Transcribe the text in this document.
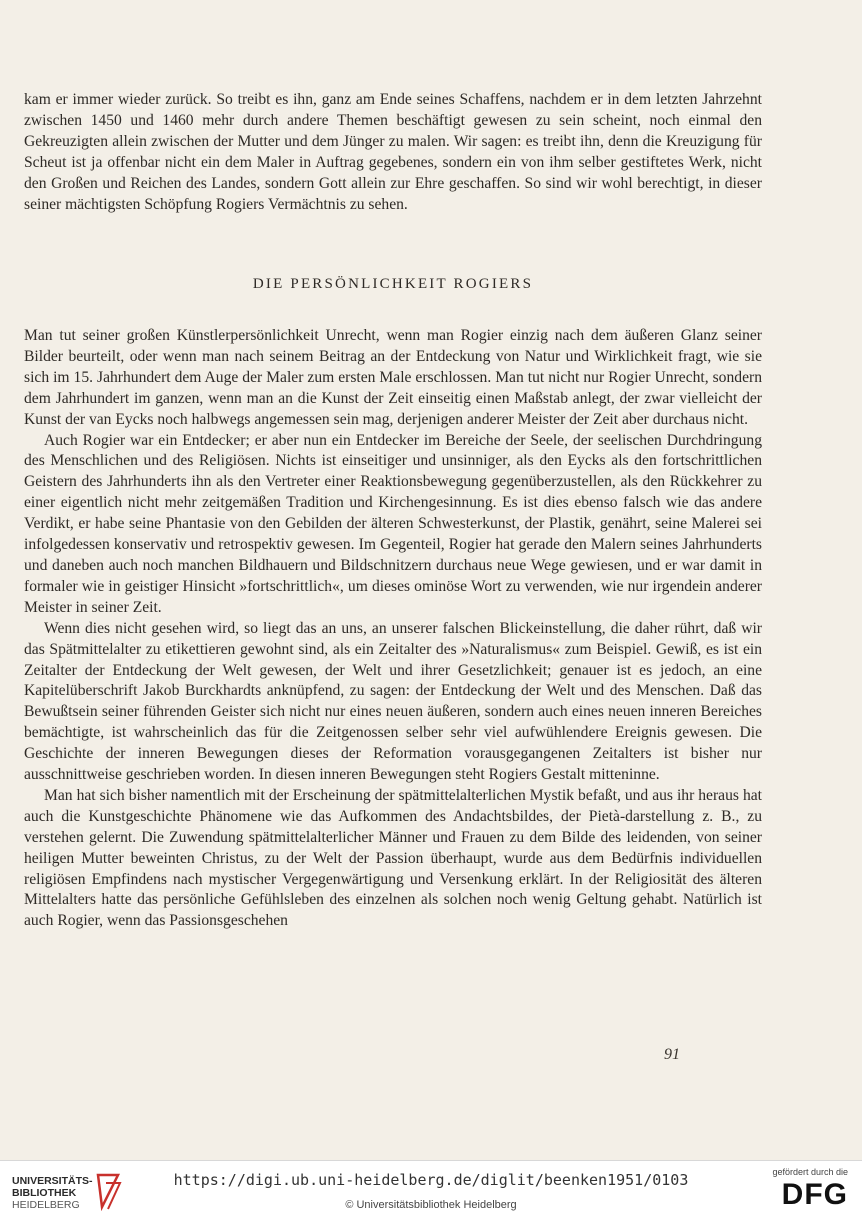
kam er immer wieder zurück. So treibt es ihn, ganz am Ende seines Schaffens, nachdem er in dem letzten Jahrzehnt zwischen 1450 und 1460 mehr durch andere Themen beschäftigt gewesen zu sein scheint, noch einmal den Gekreuzigten allein zwischen der Mutter und dem Jünger zu malen. Wir sagen: es treibt ihn, denn die Kreuzigung für Scheut ist ja offenbar nicht ein dem Maler in Auftrag gegebenes, sondern ein von ihm selber gestiftetes Werk, nicht den Großen und Reichen des Landes, sondern Gott allein zur Ehre geschaffen. So sind wir wohl berechtigt, in dieser seiner mächtigsten Schöpfung Rogiers Vermächtnis zu sehen.

DIE PERSÖNLICHKEIT ROGIERS

Man tut seiner großen Künstlerpersönlichkeit Unrecht, wenn man Rogier einzig nach dem äußeren Glanz seiner Bilder beurteilt, oder wenn man nach seinem Beitrag an der Entdeckung von Natur und Wirklichkeit fragt, wie sie sich im 15. Jahrhundert dem Auge der Maler zum ersten Male erschlossen. Man tut nicht nur Rogier Unrecht, sondern dem Jahrhundert im ganzen, wenn man an die Kunst der Zeit einseitig einen Maßstab anlegt, der zwar vielleicht der Kunst der van Eycks noch halbwegs angemessen sein mag, derjenigen anderer Meister der Zeit aber durchaus nicht.

Auch Rogier war ein Entdecker; er aber nun ein Entdecker im Bereiche der Seele, der seelischen Durchdringung des Menschlichen und des Religiösen. Nichts ist einseitiger und unsinniger, als den Eycks als den fortschrittlichen Geistern des Jahrhunderts ihn als den Vertreter einer Reaktionsbewegung gegenüberzustellen, als den Rückkehrer zu einer eigentlich nicht mehr zeitgemäßen Tradition und Kirchengesinnung. Es ist dies ebenso falsch wie das andere Verdikt, er habe seine Phantasie von den Gebilden der älteren Schwesterkunst, der Plastik, genährt, seine Malerei sei infolgedessen konservativ und retrospektiv gewesen. Im Gegenteil, Rogier hat gerade den Malern seines Jahrhunderts und daneben auch noch manchen Bildhauern und Bildschnitzern durchaus neue Wege gewiesen, und er war damit in formaler wie in geistiger Hinsicht »fortschrittlich«, um dieses ominöse Wort zu verwenden, wie nur irgendein anderer Meister in seiner Zeit.

Wenn dies nicht gesehen wird, so liegt das an uns, an unserer falschen Blickeinstellung, die daher rührt, daß wir das Spätmittelalter zu etikettieren gewohnt sind, als ein Zeitalter des »Naturalismus« zum Beispiel. Gewiß, es ist ein Zeitalter der Entdeckung der Welt gewesen, der Welt und ihrer Gesetzlichkeit; genauer ist es jedoch, an eine Kapitelüberschrift Jakob Burckhardts anknüpfend, zu sagen: der Entdeckung der Welt und des Menschen. Daß das Bewußtsein seiner führenden Geister sich nicht nur eines neuen äußeren, sondern auch eines neuen inneren Bereiches bemächtigte, ist wahrscheinlich das für die Zeitgenossen selber sehr viel aufwühlendere Ereignis gewesen. Die Geschichte der inneren Bewegungen dieses der Reformation vorausgegangenen Zeitalters ist bisher nur ausschnittweise geschrieben worden. In diesen inneren Bewegungen steht Rogiers Gestalt mitteninne.

Man hat sich bisher namentlich mit der Erscheinung der spätmittelalterlichen Mystik befaßt, und aus ihr heraus hat auch die Kunstgeschichte Phänomene wie das Aufkommen des Andachtsbildes, der Pietà-darstellung z. B., zu verstehen gelernt. Die Zuwendung spätmittelalterlicher Männer und Frauen zu dem Bilde des leidenden, von seiner heiligen Mutter beweinten Christus, zu der Welt der Passion überhaupt, wurde aus dem Bedürfnis individuellen religiösen Empfindens nach mystischer Vergegenwärtigung und Versenkung erklärt. In der Religiosität des älteren Mittelalters hatte das persönliche Gefühlsleben des einzelnen als solchen noch wenig Geltung gehabt. Natürlich ist auch Rogier, wenn das Passionsgeschehen

91
UNIVERSITÄTS-
BIBLIOTHEK
HEIDELBERG
https://digi.ub.uni-heidelberg.de/diglit/beenken1951/0103
© Universitätsbibliothek Heidelberg
gefördert durch die
DFG
